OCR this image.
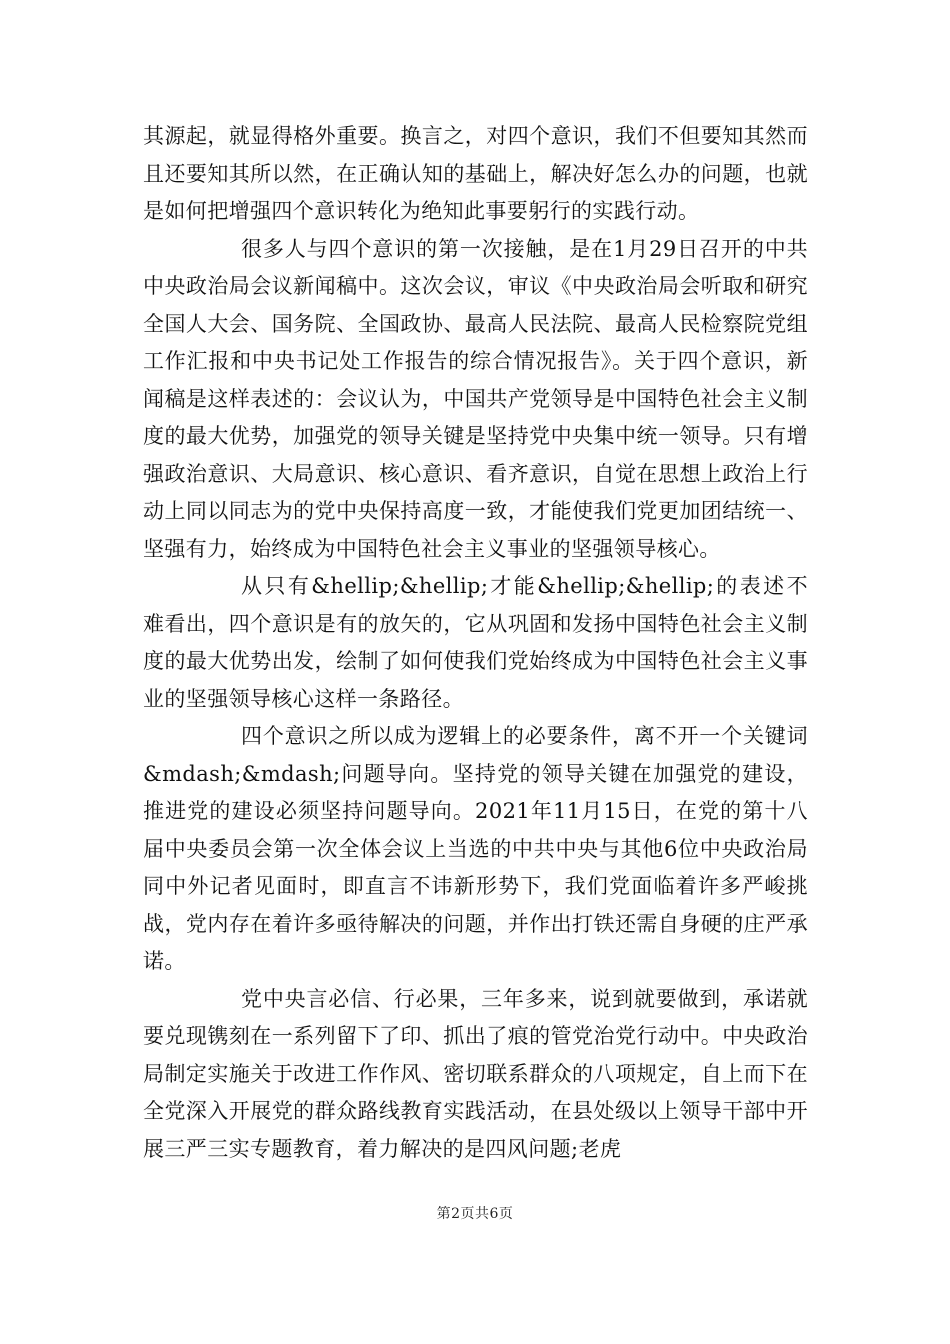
其源起，就显得格外重要。换言之，对四个意识，我们不但要知其然而且还要知其所以然，在正确认知的基础上，解决好怎么办的问题，也就是如何把增强四个意识转化为绝知此事要躬行的实践行动。

很多人与四个意识的第一次接触，是在1月29日召开的中共中央政治局会议新闻稿中。这次会议，审议《中央政治局会听取和研究全国人大会、国务院、全国政协、最高人民法院、最高人民检察院党组工作汇报和中央书记处工作报告的综合情况报告》。关于四个意识，新闻稿是这样表述的：会议认为，中国共产党领导是中国特色社会主义制度的最大优势，加强党的领导关键是坚持党中央集中统一领导。只有增强政治意识、大局意识、核心意识、看齐意识，自觉在思想上政治上行动上同以同志为的党中央保持高度一致，才能使我们党更加团结统一、坚强有力，始终成为中国特色社会主义事业的坚强领导核心。

从只有&hellip;&hellip;才能&hellip;&hellip;的表述不难看出，四个意识是有的放矢的，它从巩固和发扬中国特色社会主义制度的最大优势出发，绘制了如何使我们党始终成为中国特色社会主义事业的坚强领导核心这样一条路径。

四个意识之所以成为逻辑上的必要条件，离不开一个关键词&mdash;&mdash;问题导向。坚持党的领导关键在加强党的建设，推进党的建设必须坚持问题导向。2021年11月15日，在党的第十八届中央委员会第一次全体会议上当选的中共中央与其他6位中央政治局同中外记者见面时，即直言不讳新形势下，我们党面临着许多严峻挑战，党内存在着许多亟待解决的问题，并作出打铁还需自身硬的庄严承诺。

党中央言必信、行必果，三年多来，说到就要做到，承诺就要兑现镌刻在一系列留下了印、抓出了痕的管党治党行动中。中央政治局制定实施关于改进工作作风、密切联系群众的八项规定，自上而下在全党深入开展党的群众路线教育实践活动，在县处级以上领导干部中开展三严三实专题教育，着力解决的是四风问题;老虎

第2页共6页
